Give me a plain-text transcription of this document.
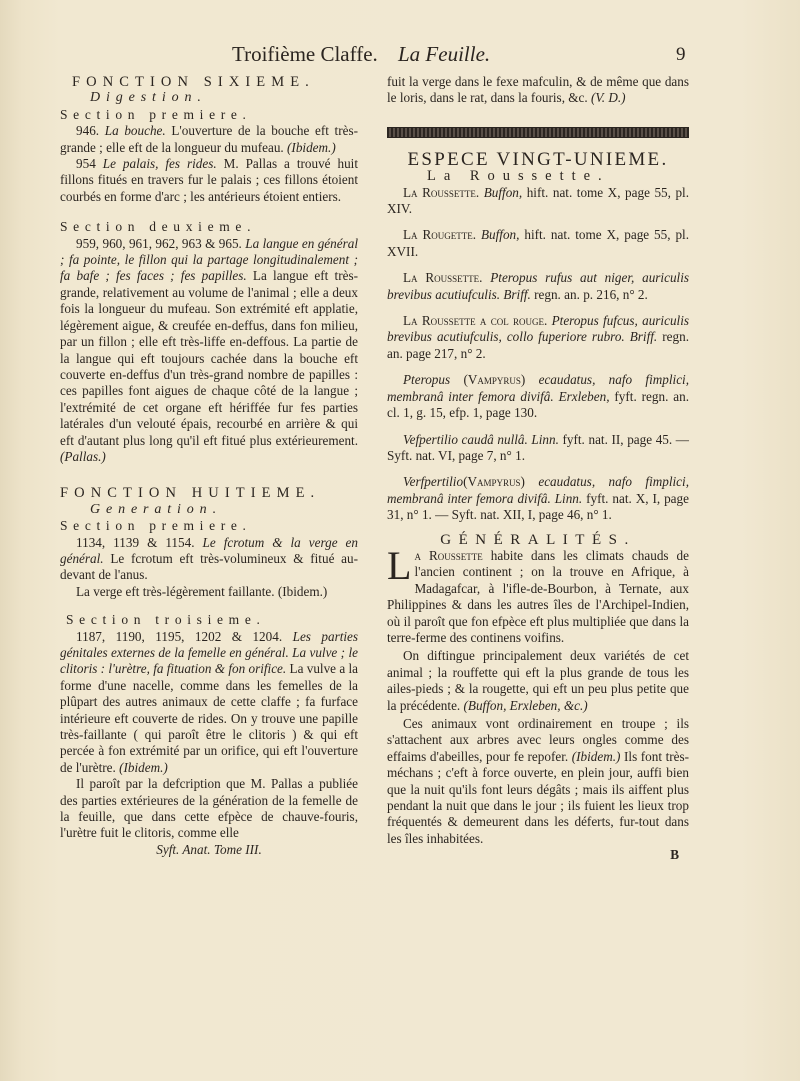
Troifième Claffe. La Feuille.	9

FONCTION SIXIEME.

Digestion.

Section premiere.

946. La bouche. L'ouverture de la bouche eft très-grande ; elle eft de la longueur du mufeau. (Ibidem.)

954 Le palais, fes rides. M. Pallas a trouvé huit fillons fitués en travers fur le palais ; ces fillons étoient courbés en forme d'arc ; les antérieurs étoient entiers.

Section deuxieme.

959, 960, 961, 962, 963 & 965. La langue en général ; fa pointe, le fillon qui la partage longitudinalement ; fa bafe ; fes faces ; fes papilles. La langue eft très-grande, relativement au volume de l'animal ; elle a deux fois la longueur du mufeau. Son extrémité eft applatie, légèrement aigue, & creufée en-deffus, dans fon milieu, par un fillon ; elle eft très-liffe en-deffous. La partie de la langue qui eft toujours cachée dans la bouche eft couverte en-deffus d'un très-grand nombre de papilles : ces papilles font aigues de chaque côté de la langue ; l'extrémité de cet organe eft hériffée fur fes parties latérales d'un velouté épais, recourbé en arrière & qui eft d'autant plus long qu'il eft fitué plus extérieurement. (Pallas.)

FONCTION HUITIEME.

Generation.

Section premiere.

1134, 1139 & 1154. Le fcrotum & la verge en général. Le fcrotum eft très-volumineux & fitué au-devant de l'anus.

La verge eft très-légèrement faillante. (Ibidem.)

Section troisieme.

1187, 1190, 1195, 1202 & 1204. Les parties génitales externes de la femelle en général. La vulve ; le clitoris : l'urètre, fa fituation & fon orifice. La vulve a la forme d'une nacelle, comme dans les femelles de la plûpart des autres animaux de cette claffe ; fa furface intérieure eft couverte de rides. On y trouve une papille très-faillante ( qui paroît être le clitoris ) & qui eft percée à fon extrémité par un orifice, qui eft l'ouverture de l'urètre. (Ibidem.)

Il paroît par la defcription que M. Pallas a publiée des parties extérieures de la génération de la femelle de la feuille, que dans cette efpèce de chauve-fouris, l'urètre fuit le clitoris, comme elle

Syft. Anat. Tome III.

fuit la verge dans le fexe mafculin, & de même que dans le loris, dans le rat, dans la fouris, &c. (V. D.)

ESPECE VINGT-UNIEME.

La Roussette.

La Roussette. Buffon, hift. nat. tome X, page 55, pl. XIV.

La Rougette. Buffon, hift. nat. tome X, page 55, pl. XVII.

La Roussette. Pteropus rufus aut niger, auriculis brevibus acutiufculis. Briff. regn. an. p. 216, n° 2.

La Roussette a col rouge. Pteropus fufcus, auriculis brevibus acutiufculis, collo fuperiore rubro. Briff. regn. an. page 217, n° 2.

Pteropus (Vampyrus) ecaudatus, nafo fimplici, membranâ inter femora divifâ. Erxleben, fyft. regn. an. cl. 1, g. 15, efp. 1, page 130.

Vefpertilio caudâ nullâ. Linn. fyft. nat. II, page 45. — Syft. nat. VI, page 7, n° 1.

Verfpertilio(Vampyrus) ecaudatus, nafo fimplici, membranâ inter femora divifâ. Linn. fyft. nat. X, I, page 31, n° 1. — Syft. nat. XII, I, page 46, n° 1.

GÉNÉRALITÉS.

La Roussette habite dans les climats chauds de l'ancien continent ; on la trouve en Afrique, à Madagafcar, à l'ifle-de-Bourbon, à Ternate, aux Philippines & dans les autres îles de l'Archipel-Indien, où il paroît que fon efpèce eft plus multipliée que dans la terre-ferme des continens voifins.

On diftingue principalement deux variétés de cet animal ; la rouffette qui eft la plus grande de tous les ailes-pieds ; & la rougette, qui eft un peu plus petite que la précédente. (Buffon, Erxleben, &c.)

Ces animaux vont ordinairement en troupe ; ils s'attachent aux arbres avec leurs ongles comme des effaims d'abeilles, pour fe repofer. (Ibidem.) Ils font très-méchans ; c'eft à force ouverte, en plein jour, auffi bien que la nuit qu'ils font leurs dégâts ; mais ils aiffent plus pendant la nuit que dans le jour ; ils fuient les lieux trop fréquentés & demeurent dans les déferts, fur-tout dans les îles inhabitées.

B
